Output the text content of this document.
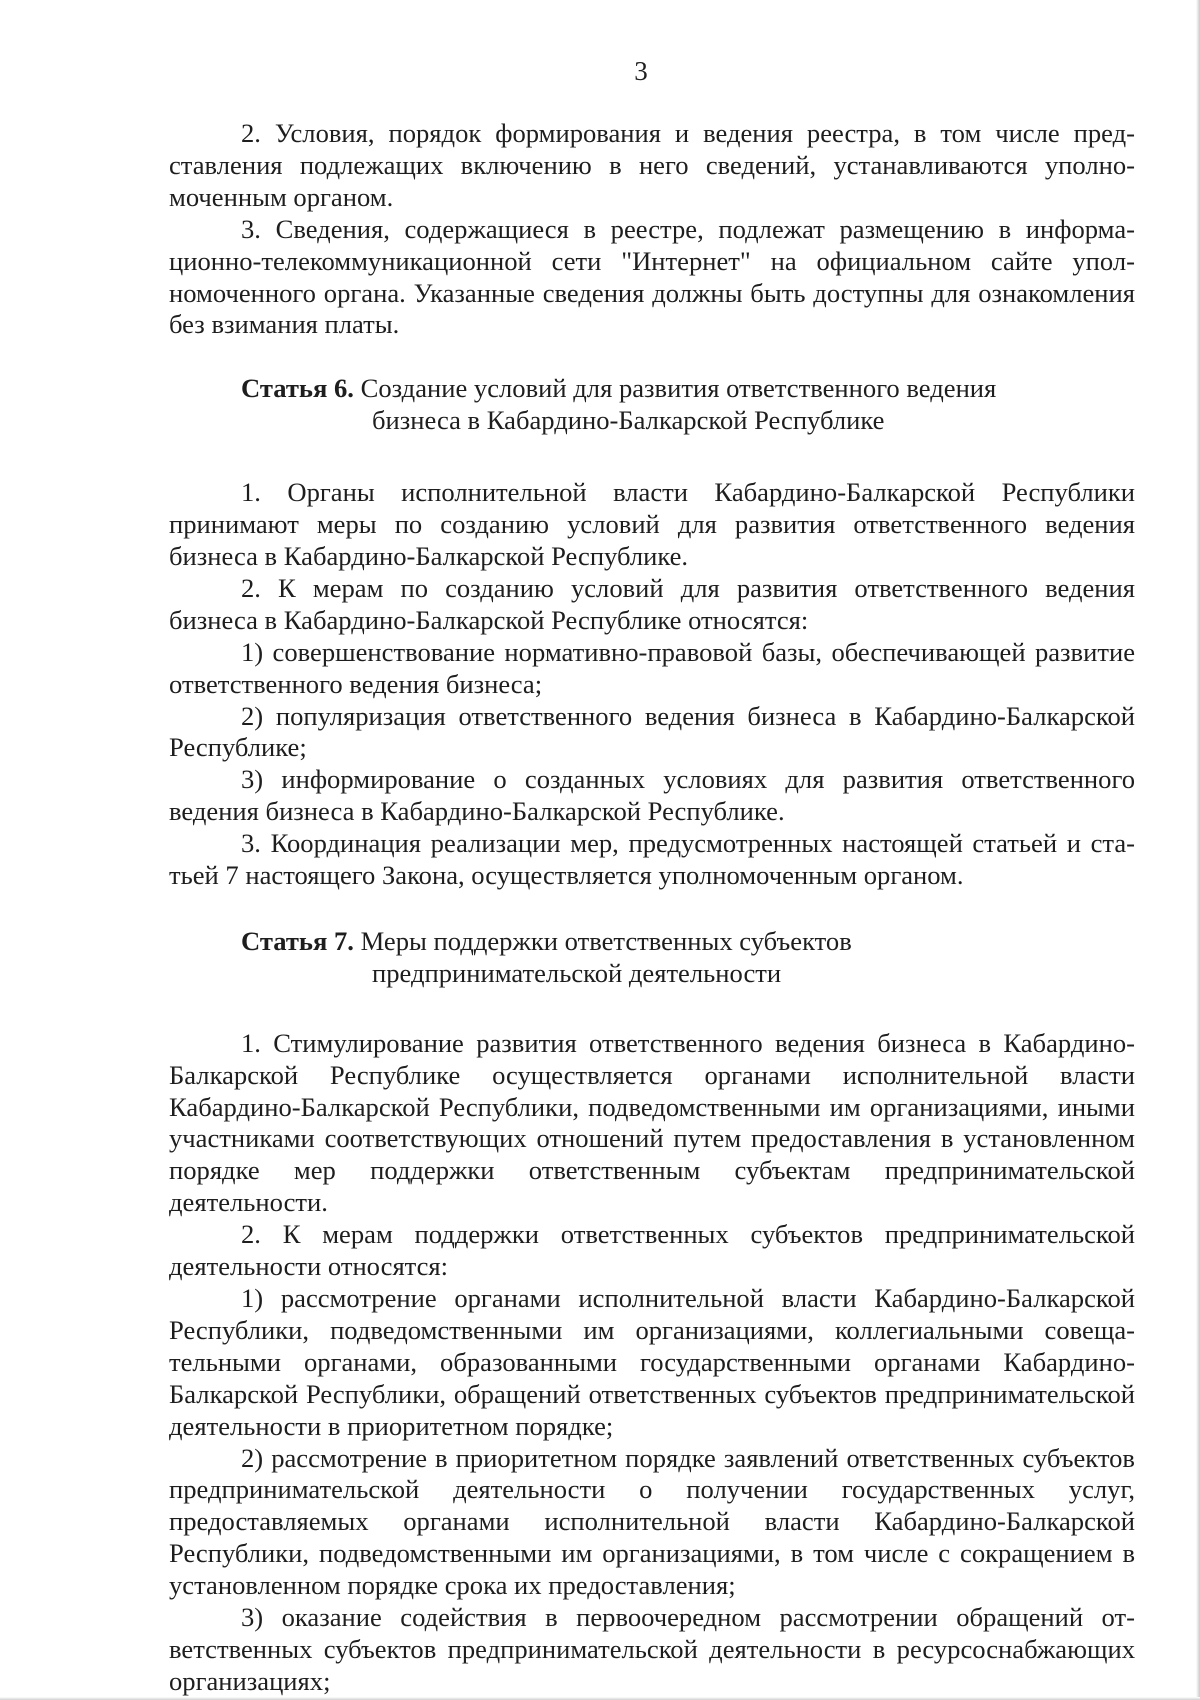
3

2. Условия, порядок формирования и ведения реестра, в том числе представления подлежащих включению в него сведений, устанавливаются уполномоченным органом.

3. Сведения, содержащиеся в реестре, подлежат размещению в информационно-телекоммуникационной сети "Интернет" на официальном сайте уполномоченного органа. Указанные сведения должны быть доступны для ознакомления без взимания платы.

Статья 6. Создание условий для развития ответственного ведения
бизнеса в Кабардино-Балкарской Республике

1. Органы исполнительной власти Кабардино-Балкарской Республики принимают меры по созданию условий для развития ответственного ведения бизнеса в Кабардино-Балкарской Республике.

2. К мерам по созданию условий для развития ответственного ведения бизнеса в Кабардино-Балкарской Республике относятся:

1) совершенствование нормативно-правовой базы, обеспечивающей развитие ответственного ведения бизнеса;

2) популяризация ответственного ведения бизнеса в Кабардино-Балкарской Республике;

3) информирование о созданных условиях для развития ответственного ведения бизнеса в Кабардино-Балкарской Республике.

3. Координация реализации мер, предусмотренных настоящей статьей и статьей 7 настоящего Закона, осуществляется уполномоченным органом.

Статья 7. Меры поддержки ответственных субъектов
предпринимательской деятельности

1. Стимулирование развития ответственного ведения бизнеса в Кабардино-Балкарской Республике осуществляется органами исполнительной власти Кабардино-Балкарской Республики, подведомственными им организациями, иными участниками соответствующих отношений путем предоставления в установленном порядке мер поддержки ответственным субъектам предпринимательской деятельности.

2. К мерам поддержки ответственных субъектов предпринимательской деятельности относятся:

1) рассмотрение органами исполнительной власти Кабардино-Балкарской Республики, подведомственными им организациями, коллегиальными совещательными органами, образованными государственными органами Кабардино-Балкарской Республики, обращений ответственных субъектов предпринимательской деятельности в приоритетном порядке;

2) рассмотрение в приоритетном порядке заявлений ответственных субъектов предпринимательской деятельности о получении государственных услуг, предоставляемых органами исполнительной власти Кабардино-Балкарской Республики, подведомственными им организациями, в том числе с сокращением в установленном порядке срока их предоставления;

3) оказание содействия в первоочередном рассмотрении обращений ответственных субъектов предпринимательской деятельности в ресурсоснабжающих организациях;
